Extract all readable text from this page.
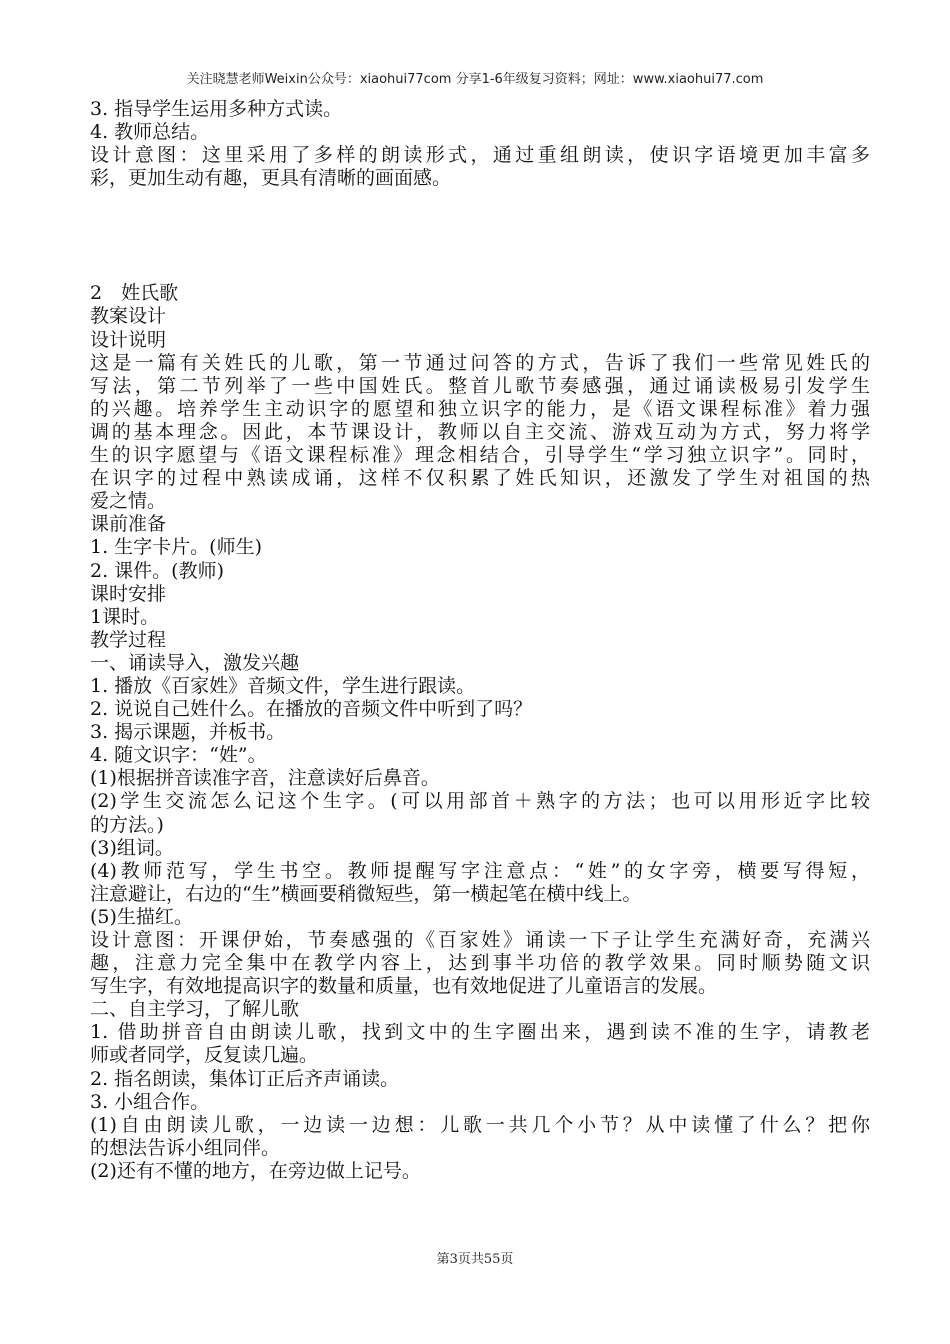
关注晓慧老师Weixin公众号：xiaohui77com 分享1-6年级复习资料；网址：www.xiaohui77.com
3. 指导学生运用多种方式读。
4. 教师总结。
设计意图：这里采用了多样的朗读形式，通过重组朗读，使识字语境更加丰富多
彩，更加生动有趣，更具有清晰的画面感。
2　姓氏歌
教案设计
设计说明
这是一篇有关姓氏的儿歌，第一节通过问答的方式，告诉了我们一些常见姓氏的
写法，第二节列举了一些中国姓氏。整首儿歌节奏感强，通过诵读极易引发学生
的兴趣。培养学生主动识字的愿望和独立识字的能力，是《语文课程标准》着力强
调的基本理念。因此，本节课设计，教师以自主交流、游戏互动为方式，努力将学
生的识字愿望与《语文课程标准》理念相结合，引导学生“学习独立识字”。同时，
在识字的过程中熟读成诵，这样不仅积累了姓氏知识，还激发了学生对祖国的热
爱之情。
课前准备
1. 生字卡片。(师生)
2. 课件。(教师)
课时安排
1课时。
教学过程
一、诵读导入，激发兴趣
1. 播放《百家姓》音频文件，学生进行跟读。
2. 说说自己姓什么。在播放的音频文件中听到了吗？
3. 揭示课题，并板书。
4. 随文识字：“姓”。
(1)根据拼音读准字音，注意读好后鼻音。
(2)学生交流怎么记这个生字。(可以用部首＋熟字的方法；也可以用形近字比较
的方法。)
(3)组词。
(4)教师范写，学生书空。教师提醒写字注意点：“姓”的女字旁，横要写得短，
注意避让，右边的“生”横画要稍微短些，第一横起笔在横中线上。
(5)生描红。
设计意图：开课伊始，节奏感强的《百家姓》诵读一下子让学生充满好奇，充满兴
趣，注意力完全集中在教学内容上，达到事半功倍的教学效果。同时顺势随文识
写生字，有效地提高识字的数量和质量，也有效地促进了儿童语言的发展。
二、自主学习，了解儿歌
1. 借助拼音自由朗读儿歌，找到文中的生字圈出来，遇到读不准的生字，请教老
师或者同学，反复读几遍。
2. 指名朗读，集体订正后齐声诵读。
3. 小组合作。
(1)自由朗读儿歌，一边读一边想：儿歌一共几个小节？从中读懂了什么？把你
的想法告诉小组同伴。
(2)还有不懂的地方，在旁边做上记号。
第3页共55页
